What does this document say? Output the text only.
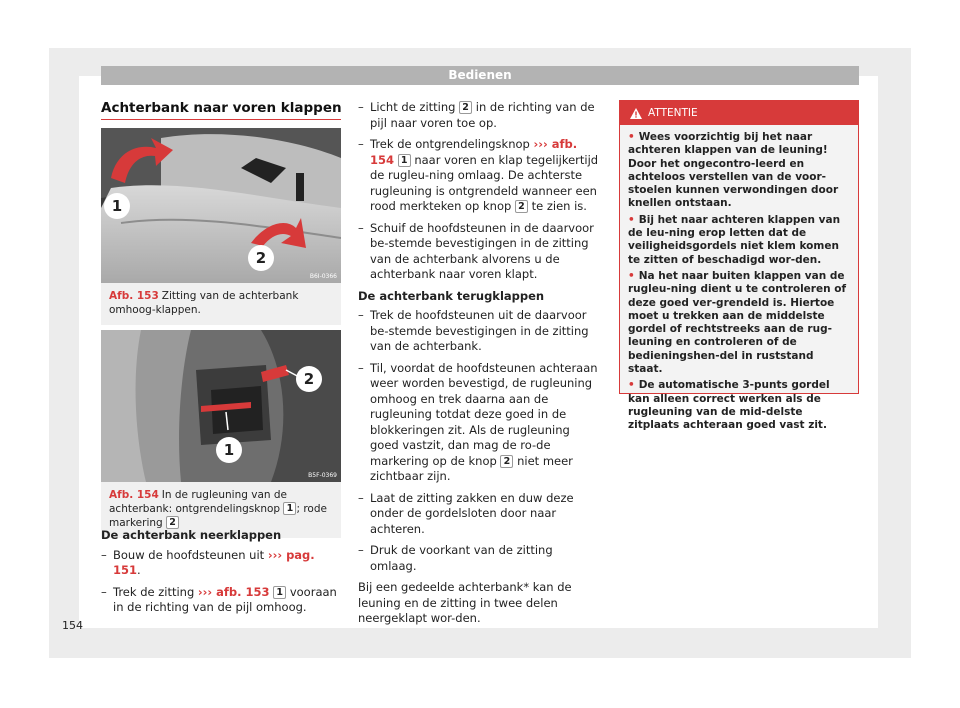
Bedienen
Achterbank naar voren klappen
1
2
B6I-0366
Afb. 153 Zitting van de achterbank omhoog-klappen.
2
1
B5F-0369
Afb. 154 In de rugleuning van de achterbank: ontgrendelingsknop 1 ; rode markering 2

De achterbank neerklappen

– Bouw de hoofdsteunen uit ››› pag. 151.
– Trek de zitting ››› afb. 153 1 vooraan in de richting van de pijl omhoog.
– Licht de zitting 2 in de richting van de pijl naar voren toe op.
– Trek de ontgrendelingsknop ››› afb. 154 1 naar voren en klap tegelijkertijd de rugleu-ning omlaag. De achterste rugleuning is ontgrendeld wanneer een rood merkteken op knop 2 te zien is.
– Schuif de hoofdsteunen in de daarvoor be-stemde bevestigingen in de zitting van de achterbank alvorens u de achterbank naar voren klapt.

De achterbank terugklappen

– Trek de hoofdsteunen uit de daarvoor be-stemde bevestigingen in de zitting van de achterbank.
– Til, voordat de hoofdsteunen achteraan weer worden bevestigd, de rugleuning omhoog en trek daarna aan de rugleuning totdat deze goed in de blokkeringen zit. Als de rugleuning goed vastzit, dan mag de ro-de markering op de knop 2 niet meer zichtbaar zijn.
– Laat de zitting zakken en duw deze onder de gordelsloten door naar achteren.
– Druk de voorkant van de zitting omlaag.

Bij een gedeelde achterbank* kan de leuning en de zitting in twee delen neergeklapt wor-den.

ATTENTIE
• Wees voorzichtig bij het naar achteren klappen van de leuning! Door het ongecontro-leerd en achteloos verstellen van de voor-stoelen kunnen verwondingen door knellen ontstaan.
• Bij het naar achteren klappen van de leu-ning erop letten dat de veiligheidsgordels niet klem komen te zitten of beschadigd wor-den.
• Na het naar buiten klappen van de rugleu-ning dient u te controleren of deze goed ver-grendeld is. Hiertoe moet u trekken aan de middelste gordel of rechtstreeks aan de rug-leuning en controleren of de bedieningshen-del in ruststand staat.
• De automatische 3-punts gordel kan alleen correct werken als de rugleuning van de mid-delste zitplaats achteraan goed vast zit.
154
